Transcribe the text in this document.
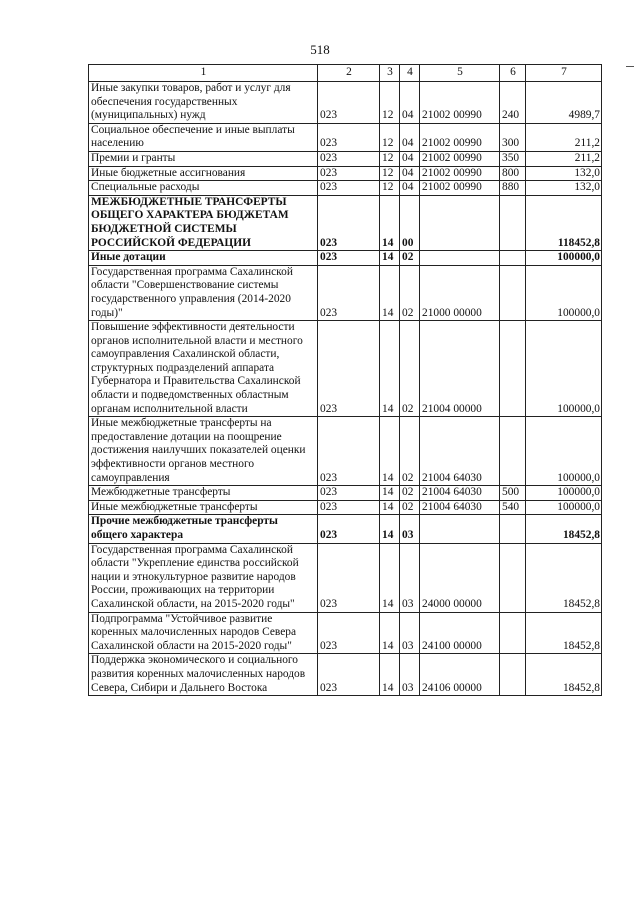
518
1	2	3	4	5	6	7
Иные закупки товаров, работ и услуг для обеспечения государственных (муниципальных) нужд	023	12	04	21002 00990	240	4989,7
Социальное обеспечение и иные выплаты населению	023	12	04	21002 00990	300	211,2
Премии и гранты	023	12	04	21002 00990	350	211,2
Иные бюджетные ассигнования	023	12	04	21002 00990	800	132,0
Специальные расходы	023	12	04	21002 00990	880	132,0
МЕЖБЮДЖЕТНЫЕ ТРАНСФЕРТЫ ОБЩЕГО ХАРАКТЕРА БЮДЖЕТАМ БЮДЖЕТНОЙ СИСТЕМЫ РОССИЙСКОЙ ФЕДЕРАЦИИ	023	14	00			118452,8
Иные дотации	023	14	02			100000,0
Государственная программа Сахалинской области "Совершенствование системы государственного управления (2014-2020 годы)"	023	14	02	21000 00000		100000,0
Повышение эффективности деятельности органов исполнительной власти и местного самоуправления Сахалинской области, структурных подразделений аппарата Губернатора и Правительства Сахалинской области и подведомственных областным органам исполнительной власти	023	14	02	21004 00000		100000,0
Иные межбюджетные трансферты на предоставление дотации на поощрение достижения наилучших показателей оценки эффективности органов местного самоуправления	023	14	02	21004 64030		100000,0
Межбюджетные трансферты	023	14	02	21004 64030	500	100000,0
Иные межбюджетные трансферты	023	14	02	21004 64030	540	100000,0
Прочие межбюджетные трансферты общего характера	023	14	03			18452,8
Государственная программа Сахалинской области "Укрепление единства российской нации и этнокультурное развитие народов России, проживающих на территории Сахалинской области, на 2015-2020 годы"	023	14	03	24000 00000		18452,8
Подпрограмма "Устойчивое развитие коренных малочисленных народов Севера Сахалинской области на 2015-2020 годы"	023	14	03	24100 00000		18452,8
Поддержка экономического и социального развития коренных малочисленных народов Севера, Сибири и Дальнего Востока	023	14	03	24106 00000		18452,8
